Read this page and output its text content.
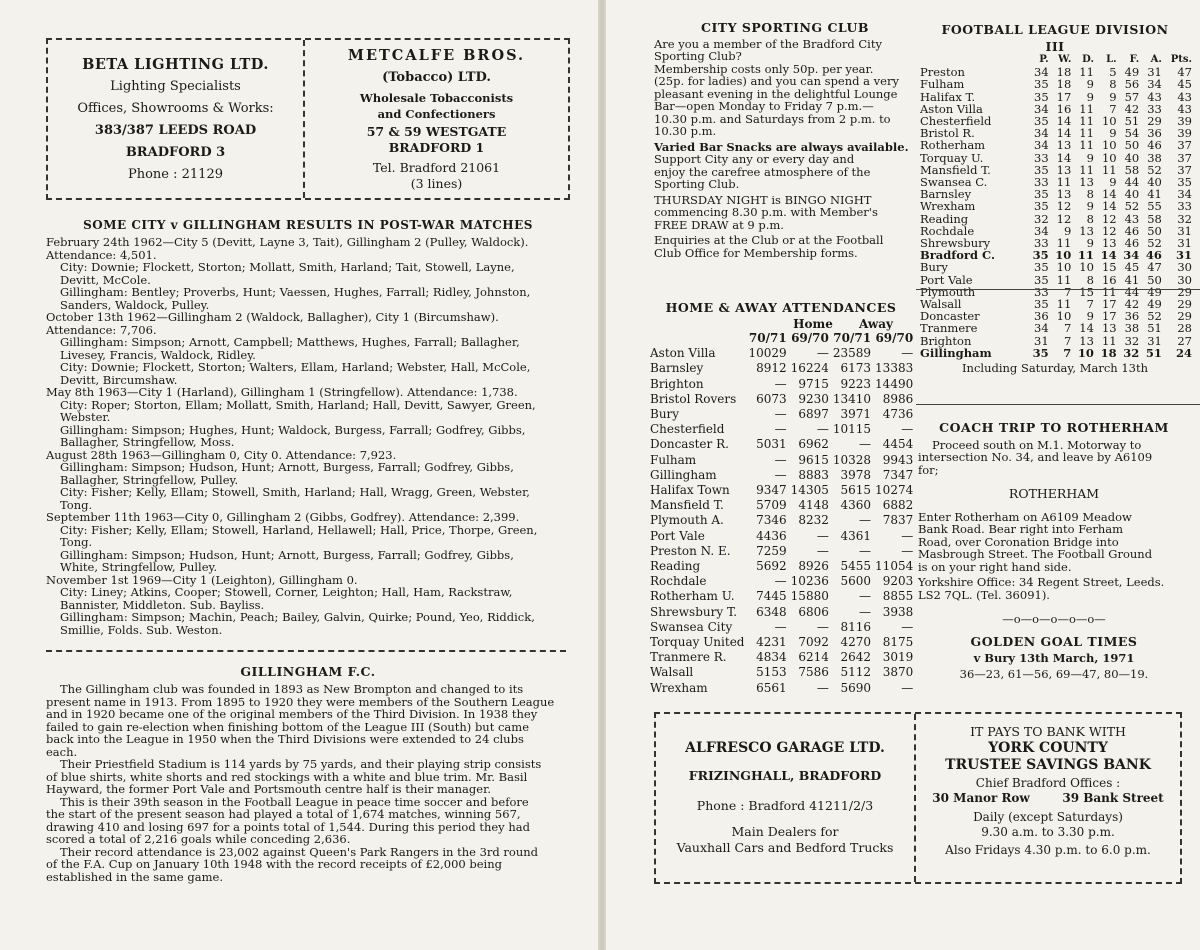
BETA LIGHTING LTD.
Lighting Specialists
Offices, Showrooms & Works:
383/387 LEEDS ROAD
BRADFORD 3
Phone : 21129
METCALFE BROS.
(Tobacco) LTD.
Wholesale Tobacconists
and Confectioners
57 & 59 WESTGATE
BRADFORD 1
Tel. Bradford 21061
(3 lines)
SOME CITY v GILLINGHAM RESULTS IN POST-WAR MATCHES
February 24th 1962—City 5 (Devitt, Layne 3, Tait), Gillingham 2 (Pulley, Waldock).
Attendance: 4,501.
City: Downie; Flockett, Storton; Mollatt, Smith, Harland; Tait, Stowell, Layne,
Devitt, McCole.
Gillingham: Bentley; Proverbs, Hunt; Vaessen, Hughes, Farrall; Ridley, Johnston,
Sanders, Waldock, Pulley.
October 13th 1962—Gillingham 2 (Waldock, Ballagher), City 1 (Bircumshaw).
Attendance: 7,706.
Gillingham: Simpson; Arnott, Campbell; Matthews, Hughes, Farrall; Ballagher,
Livesey, Francis, Waldock, Ridley.
City: Downie; Flockett, Storton; Walters, Ellam, Harland; Webster, Hall, McCole,
Devitt, Bircumshaw.
May 8th 1963—City 1 (Harland), Gillingham 1 (Stringfellow). Attendance: 1,738.
City: Roper; Storton, Ellam; Mollatt, Smith, Harland; Hall, Devitt, Sawyer, Green,
Webster.
Gillingham: Simpson; Hughes, Hunt; Waldock, Burgess, Farrall; Godfrey, Gibbs,
Ballagher, Stringfellow, Moss.
August 28th 1963—Gillingham 0, City 0. Attendance: 7,923.
Gillingham: Simpson; Hudson, Hunt; Arnott, Burgess, Farrall; Godfrey, Gibbs,
Ballagher, Stringfellow, Pulley.
City: Fisher; Kelly, Ellam; Stowell, Smith, Harland; Hall, Wragg, Green, Webster,
Tong.
September 11th 1963—City 0, Gillingham 2 (Gibbs, Godfrey). Attendance: 2,399.
City: Fisher; Kelly, Ellam; Stowell, Harland, Hellawell; Hall, Price, Thorpe, Green,
Tong.
Gillingham: Simpson; Hudson, Hunt; Arnott, Burgess, Farrall; Godfrey, Gibbs,
White, Stringfellow, Pulley.
November 1st 1969—City 1 (Leighton), Gillingham 0.
City: Liney; Atkins, Cooper; Stowell, Corner, Leighton; Hall, Ham, Rackstraw,
Bannister, Middleton. Sub. Bayliss.
Gillingham: Simpson; Machin, Peach; Bailey, Galvin, Quirke; Pound, Yeo, Riddick,
Smillie, Folds. Sub. Weston.
GILLINGHAM F.C.
The Gillingham club was founded in 1893 as New Brompton and changed to its
present name in 1913. From 1895 to 1920 they were members of the Southern League
and in 1920 became one of the original members of the Third Division. In 1938 they
failed to gain re-election when finishing bottom of the League III (South) but came
back into the League in 1950 when the Third Divisions were extended to 24 clubs
each.
Their Priestfield Stadium is 114 yards by 75 yards, and their playing strip consists
of blue shirts, white shorts and red stockings with a white and blue trim. Mr. Basil
Hayward, the former Port Vale and Portsmouth centre half is their manager.
This is their 39th season in the Football League in peace time soccer and before
the start of the present season had played a total of 1,674 matches, winning 567,
drawing 410 and losing 697 for a points total of 1,544. During this period they had
scored a total of 2,216 goals while conceding 2,636.
Their record attendance is 23,002 against Queen's Park Rangers in the 3rd round
of the F.A. Cup on January 10th 1948 with the record receipts of £2,000 being
established in the same game.
CITY SPORTING CLUB
Are you a member of the Bradford City
Sporting Club?
Membership costs only 50p. per year.
(25p. for ladies) and you can spend a very
pleasant evening in the delightful Lounge
Bar—open Monday to Friday 7 p.m.—
10.30 p.m. and Saturdays from 2 p.m. to
10.30 p.m.
Varied Bar Snacks are always available.
Support City any or every day and
enjoy the carefree atmosphere of the
Sporting Club.
THURSDAY NIGHT is BINGO NIGHT
commencing 8.30 p.m. with Member's
FREE DRAW at 9 p.m.
Enquiries at the Club or at the Football
Club Office for Membership forms.
FOOTBALL LEAGUE DIVISION
III
	P.	W.	D.	L.	F.	A.	Pts.
Preston	34	18	11	5	49	31	47
Fulham	35	18	9	8	56	34	45
Halifax T.	35	17	9	9	57	43	43
Aston Villa	34	16	11	7	42	33	43
Chesterfield	35	14	11	10	51	29	39
Bristol R.	34	14	11	9	54	36	39
Rotherham	34	13	11	10	50	46	37
Torquay U.	33	14	9	10	40	38	37
Mansfield T.	35	13	11	11	58	52	37
Swansea C.	33	11	13	9	44	40	35
Barnsley	35	13	8	14	40	41	34
Wrexham	35	12	9	14	52	55	33
Reading	32	12	8	12	43	58	32
Rochdale	34	9	13	12	46	50	31
Shrewsbury	33	11	9	13	46	52	31
Bradford C.	35	10	11	14	34	46	31
Bury	35	10	10	15	45	47	30
Port Vale	35	11	8	16	41	50	30
Plymouth	33	7	15	11	44	49	29
Walsall	35	11	7	17	42	49	29
Doncaster	36	10	9	17	36	52	29
Tranmere	34	7	14	13	38	51	28
Brighton	31	7	13	11	32	31	27
Gillingham	35	7	10	18	32	51	24
Including Saturday, March 13th
HOME & AWAY ATTENDANCES
Home	Away
	70/71	69/70	70/71	69/70
Aston Villa	10029	—	23589	—
Barnsley	8912	16224	6173	13383
Brighton	—	9715	9223	14490
Bristol Rovers	6073	9230	13410	8986
Bury	—	6897	3971	4736
Chesterfield	—	—	10115	—
Doncaster R.	5031	6962	—	4454
Fulham	—	9615	10328	9943
Gillingham	—	8883	3978	7347
Halifax Town	9347	14305	5615	10274
Mansfield T.	5709	4148	4360	6882
Plymouth A.	7346	8232	—	7837
Port Vale	4436	—	4361	—
Preston N. E.	7259	—	—	—
Reading	5692	8926	5455	11054
Rochdale	—	10236	5600	9203
Rotherham U.	7445	15880	—	8855
Shrewsbury T.	6348	6806	—	3938
Swansea City	—	—	8116	—
Torquay United	4231	7092	4270	8175
Tranmere R.	4834	6214	2642	3019
Walsall	5153	7586	5112	3870
Wrexham	6561	—	5690	—
COACH TRIP TO ROTHERHAM
Proceed south on M.1. Motorway to
intersection No. 34, and leave by A6109
for;
ROTHERHAM
Enter Rotherham on A6109 Meadow
Bank Road. Bear right into Ferham
Road, over Coronation Bridge into
Masbrough Street. The Football Ground
is on your right hand side.
Yorkshire Office: 34 Regent Street, Leeds.
LS2 7QL. (Tel. 36091).
—o—o—o—o—o—
GOLDEN GOAL TIMES
v Bury 13th March, 1971
36—23, 61—56, 69—47, 80—19.
ALFRESCO GARAGE LTD.
FRIZINGHALL, BRADFORD
Phone : Bradford 41211/2/3
Main Dealers for
Vauxhall Cars and Bedford Trucks
IT PAYS TO BANK WITH
YORK COUNTY
TRUSTEE SAVINGS BANK
Chief Bradford Offices :
30 Manor Row	39 Bank Street
Daily (except Saturdays)
9.30 a.m. to 3.30 p.m.
Also Fridays 4.30 p.m. to 6.0 p.m.
